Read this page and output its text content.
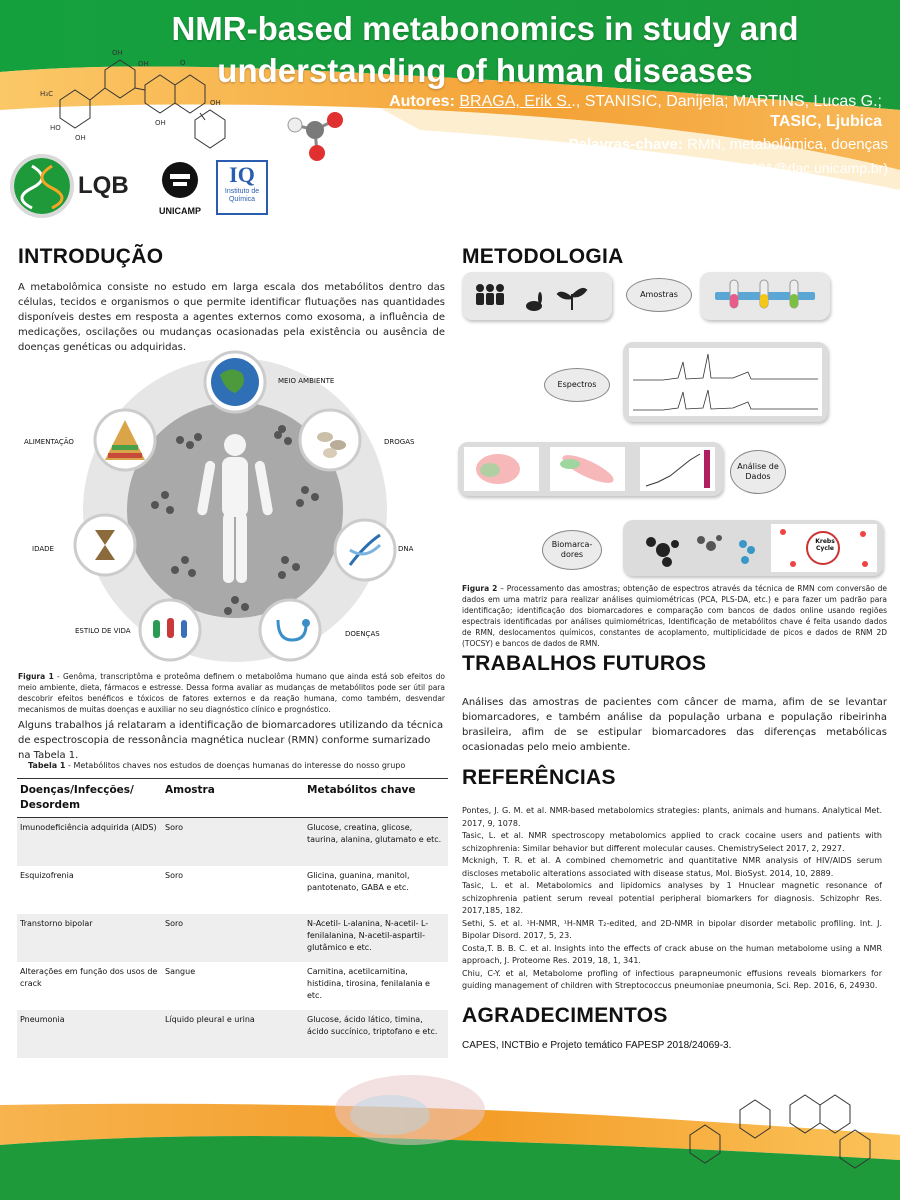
OH
OH
H₃C
HO
OH
OH
O
OH
NMR-based metabonomics in study and
understanding of human diseases
Autores: BRAGA, Erik S.., STANISIC, Danijela; MARTINS, Lucas G.;
TASIC, Ljubica
Palavras-chave: RMN, metabolômica, doenças
*(e264601@dac.unicamp.br)
LQB
UNICAMP
IQ
Instituto de
Química
INTRODUÇÃO
A metabolômica consiste no estudo em larga escala dos metabólitos dentro das células, tecidos e organismos o que permite identificar flutuações nas quantidades disponíveis destes em resposta a agentes externos como exosoma, a influência de medicações, oscilações ou mudanças ocasionadas pela existência ou ausência de doenças genéticas ou adquiridas.
MEIO AMBIENTE
DROGAS
DNA
DOENÇAS
ESTILO DE VIDA
IDADE
ALIMENTAÇÃO
Figura 1 - Genôma, transcriptôma e proteôma definem o metabolôma humano que ainda está sob efeitos do meio ambiente, dieta, fármacos e estresse. Dessa forma avaliar as mudanças de metabólitos pode ser útil para descobrir efeitos benéficos e tóxicos de fatores externos e da reação humana, como também, desvendar mecanismos de muitas doenças e auxiliar no seu diagnóstico clínico e prognóstico.
Alguns trabalhos já relataram a identificação de biomarcadores utilizando da técnica de espectroscopia de ressonância magnética nuclear (RMN) conforme sumarizado na Tabela 1.
Tabela 1 - Metabólitos chaves nos estudos de doenças humanas do interesse do nosso grupo
Doenças/Infecções/ Desordem	Amostra	Metabólitos chave
Imunodeficiência adquirida (AIDS)	Soro	Glucose, creatina, glicose, taurina, alanina, glutamato e etc.
Esquizofrenia	Soro	Glicina, guanina, manitol, pantotenato, GABA e etc.
Transtorno bipolar	Soro	N-Acetil- L-alanina, N-acetil- L-fenilalanina, N-acetil-aspartil-glutâmico e etc.
Alterações em função dos usos de crack	Sangue	Carnitina, acetilcarnitina, histidina, tirosina, fenilalania e etc.
Pneumonia	Líquido pleural e urina	Glucose, ácido lático, timina, ácido succínico, triptofano e etc.
METODOLOGIA
Amostras
Espectros
Análise de Dados
Biomarca-dores
Krebs Cycle
Figura 2 – Processamento das amostras; obtenção de espectros através da técnica de RMN com conversão de dados em uma matriz para realizar análises quimiométricas (PCA, PLS-DA, etc.) e para fazer um padrão para identificação; identificação dos biomarcadores e comparação com bancos de dados online usando regiões espectrais identificadas por análises quimiométricas, Identificação de metabólitos chave é feita usando dados de RMN, deslocamentos químicos, constantes de acoplamento, multiplicidade de picos e dados de RNM 2D (TOCSY) e bancos de dados de RMN.
TRABALHOS FUTUROS
Análises das amostras de pacientes com câncer de mama, afim de se levantar biomarcadores, e também análise da população urbana e população ribeirinha brasileira, afim de se estipular biomarcadores das diferenças metabólicas ocasionadas pelo meio ambiente.
REFERÊNCIAS
Pontes, J. G. M. et al. NMR-based metabolomics strategies: plants, animals and humans. Analytical Met. 2017, 9, 1078.
Tasic, L. et al. NMR spectroscopy metabolomics applied to crack cocaine users and patients with schizophrenia: Similar behavior but different molecular causes. ChemistrySelect 2017, 2, 2927.
Mcknigh, T. R. et al. A combined chemometric and quantitative NMR analysis of HIV/AIDS serum discloses metabolic alterations associated with disease status, Mol. BioSyst. 2014, 10, 2889.
Tasic, L. et al. Metabolomics and lipidomics analyses by 1 Hnuclear magnetic resonance of schizophrenia patient serum reveal potential peripheral biomarkers for diagnosis. Schizophr Res. 2017,185, 182.
Sethi, S. et al. ¹H-NMR, ¹H-NMR T₂-edited, and 2D-NMR in bipolar disorder metabolic profiling. Int. J. Bipolar Disord. 2017, 5, 23.
Costa,T. B. B. C. et al. Insights into the effects of crack abuse on the human metabolome using a NMR approach, J. Proteome Res. 2019, 18, 1, 341.
Chiu, C-Y. et al, Metabolome profling of infectious parapneumonic effusions reveals biomarkers for guiding management of children with Streptococcus pneumoniae pneumonia, Sci. Rep. 2016, 6, 24930.
AGRADECIMENTOS
CAPES, INCTBio e Projeto temático FAPESP 2018/24069-3.
